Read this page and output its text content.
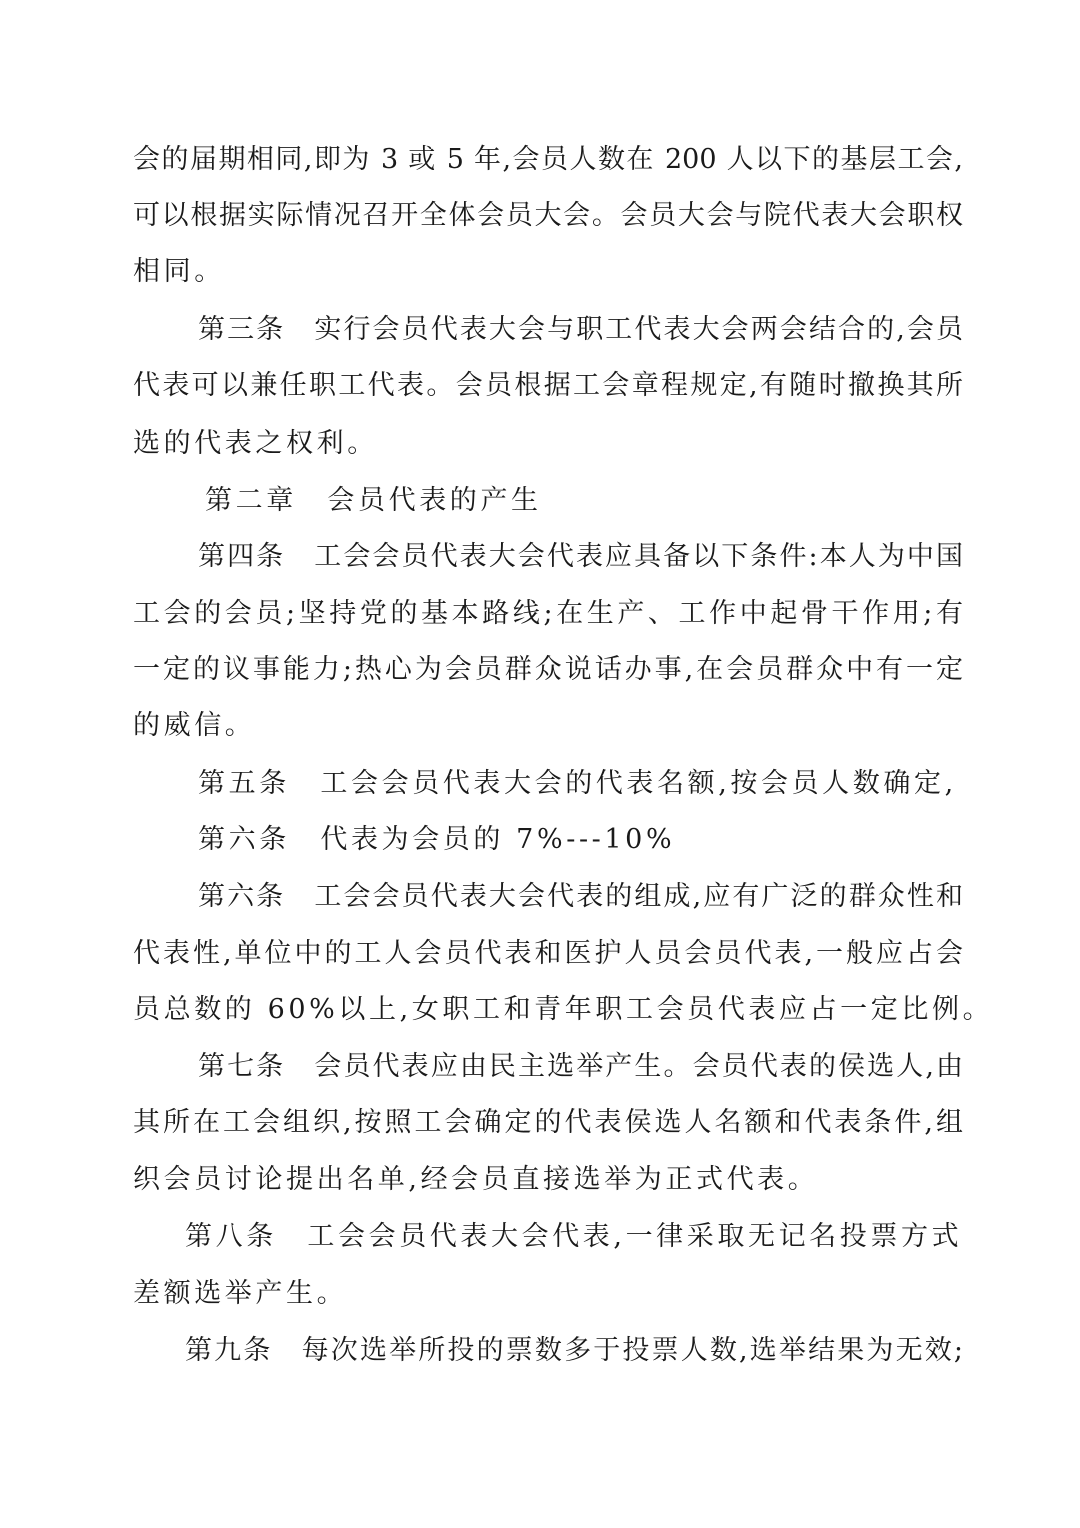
会的届期相同,即为 3 或 5 年,会员人数在 200 人以下的基层工会,
可以根据实际情况召开全体会员大会。会员大会与院代表大会职权
相同。
第三条　实行会员代表大会与职工代表大会两会结合的,会员
代表可以兼任职工代表。会员根据工会章程规定,有随时撤换其所
选的代表之权利。
第二章　会员代表的产生
第四条　工会会员代表大会代表应具备以下条件:本人为中国
工会的会员;坚持党的基本路线;在生产、工作中起骨干作用;有
一定的议事能力;热心为会员群众说话办事,在会员群众中有一定
的威信。
第五条　工会会员代表大会的代表名额,按会员人数确定,
第六条　代表为会员的 7%---10%
第六条　工会会员代表大会代表的组成,应有广泛的群众性和
代表性,单位中的工人会员代表和医护人员会员代表,一般应占会
员总数的 60%以上,女职工和青年职工会员代表应占一定比例。
第七条　会员代表应由民主选举产生。会员代表的侯选人,由
其所在工会组织,按照工会确定的代表侯选人名额和代表条件,组
织会员讨论提出名单,经会员直接选举为正式代表。
第八条　工会会员代表大会代表,一律采取无记名投票方式
差额选举产生。
第九条　每次选举所投的票数多于投票人数,选举结果为无效;
